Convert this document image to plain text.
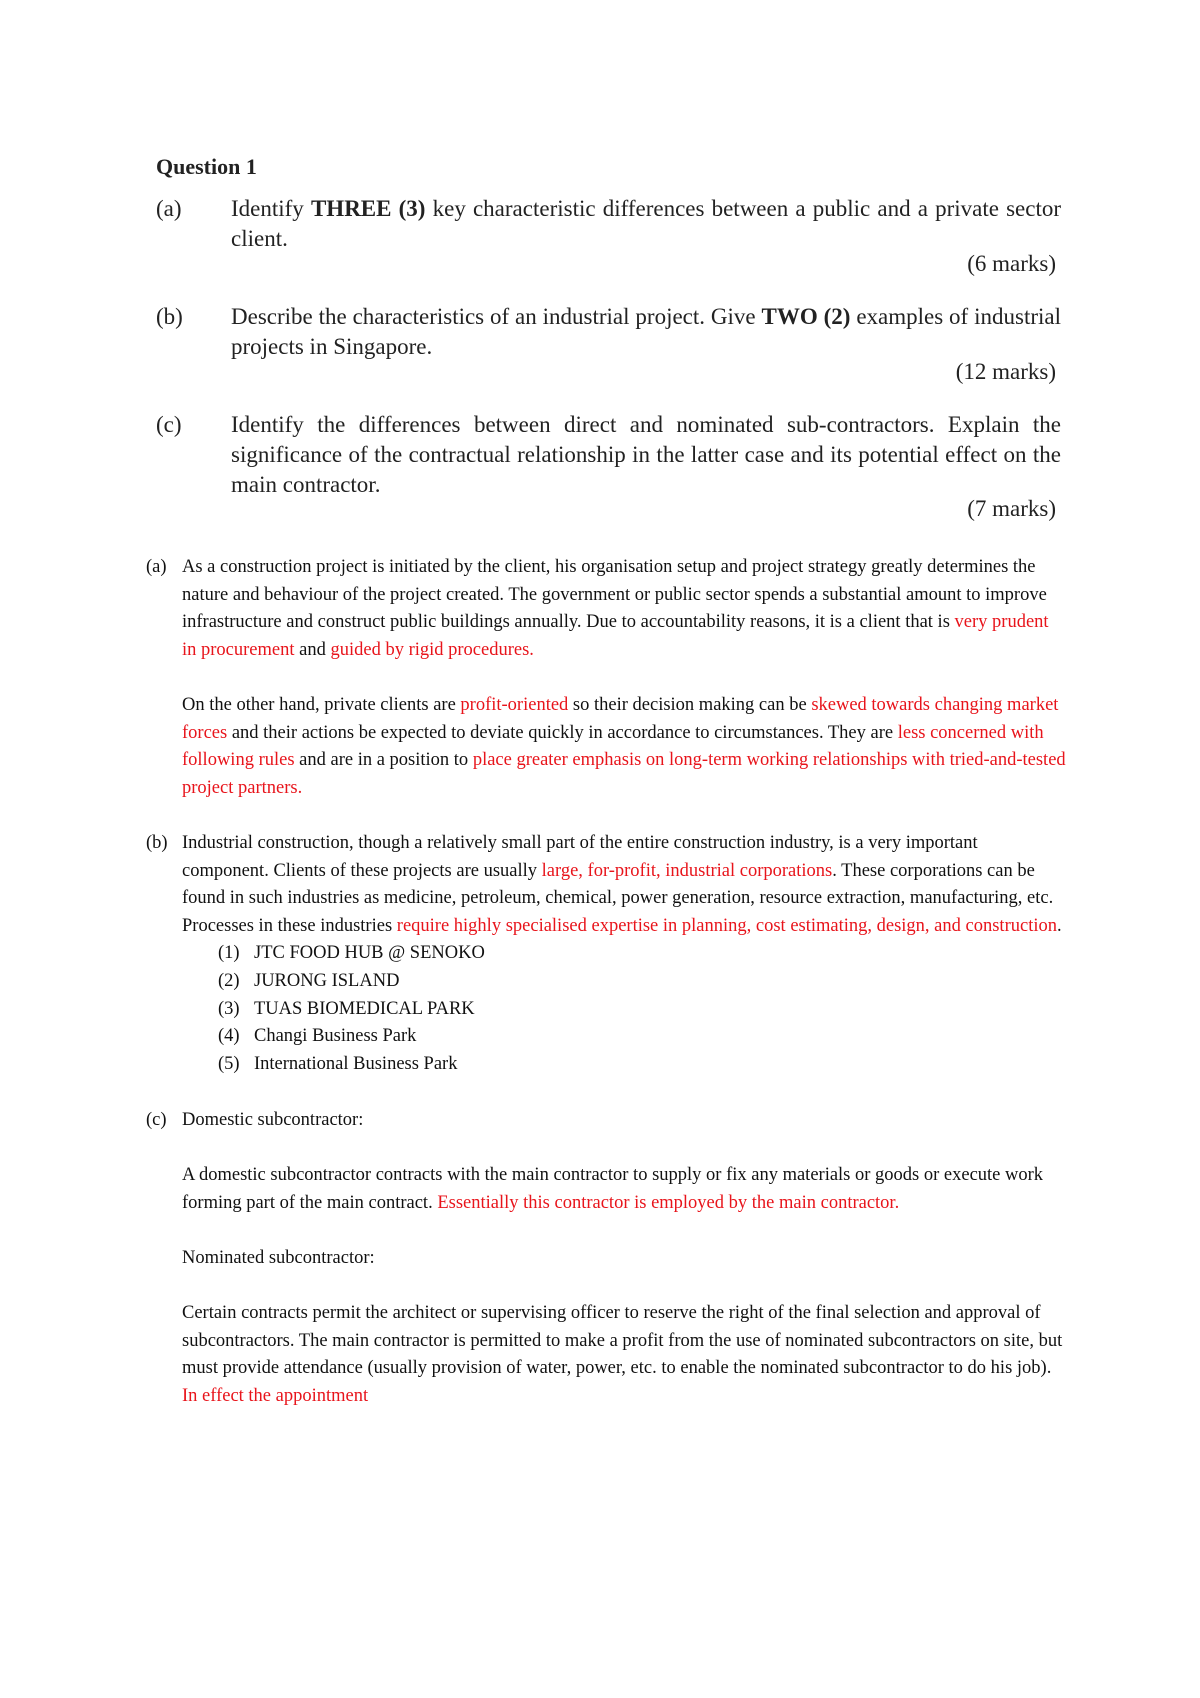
Question 1
(a) Identify THREE (3) key characteristic differences between a public and a private sector client.
(6 marks)
(b) Describe the characteristics of an industrial project. Give TWO (2) examples of industrial projects in Singapore.
(12 marks)
(c) Identify the differences between direct and nominated sub-contractors. Explain the significance of the contractual relationship in the latter case and its potential effect on the main contractor.
(7 marks)
(a) As a construction project is initiated by the client, his organisation setup and project strategy greatly determines the nature and behaviour of the project created. The government or public sector spends a substantial amount to improve infrastructure and construct public buildings annually. Due to accountability reasons, it is a client that is very prudent in procurement and guided by rigid procedures.

On the other hand, private clients are profit-oriented so their decision making can be skewed towards changing market forces and their actions be expected to deviate quickly in accordance to circumstances. They are less concerned with following rules and are in a position to place greater emphasis on long-term working relationships with tried-and-tested project partners.

(b) Industrial construction, though a relatively small part of the entire construction industry, is a very important component. Clients of these projects are usually large, for-profit, industrial corporations. These corporations can be found in such industries as medicine, petroleum, chemical, power generation, resource extraction, manufacturing, etc. Processes in these industries require highly specialised expertise in planning, cost estimating, design, and construction.

(1) JTC FOOD HUB @ SENOKO
(2) JURONG ISLAND
(3) TUAS BIOMEDICAL PARK
(4) Changi Business Park
(5) International Business Park
(c) Domestic subcontractor:

A domestic subcontractor contracts with the main contractor to supply or fix any materials or goods or execute work forming part of the main contract. Essentially this contractor is employed by the main contractor.

Nominated subcontractor:

Certain contracts permit the architect or supervising officer to reserve the right of the final selection and approval of subcontractors. The main contractor is permitted to make a profit from the use of nominated subcontractors on site, but must provide attendance (usually provision of water, power, etc. to enable the nominated subcontractor to do his job). In effect the appointment
